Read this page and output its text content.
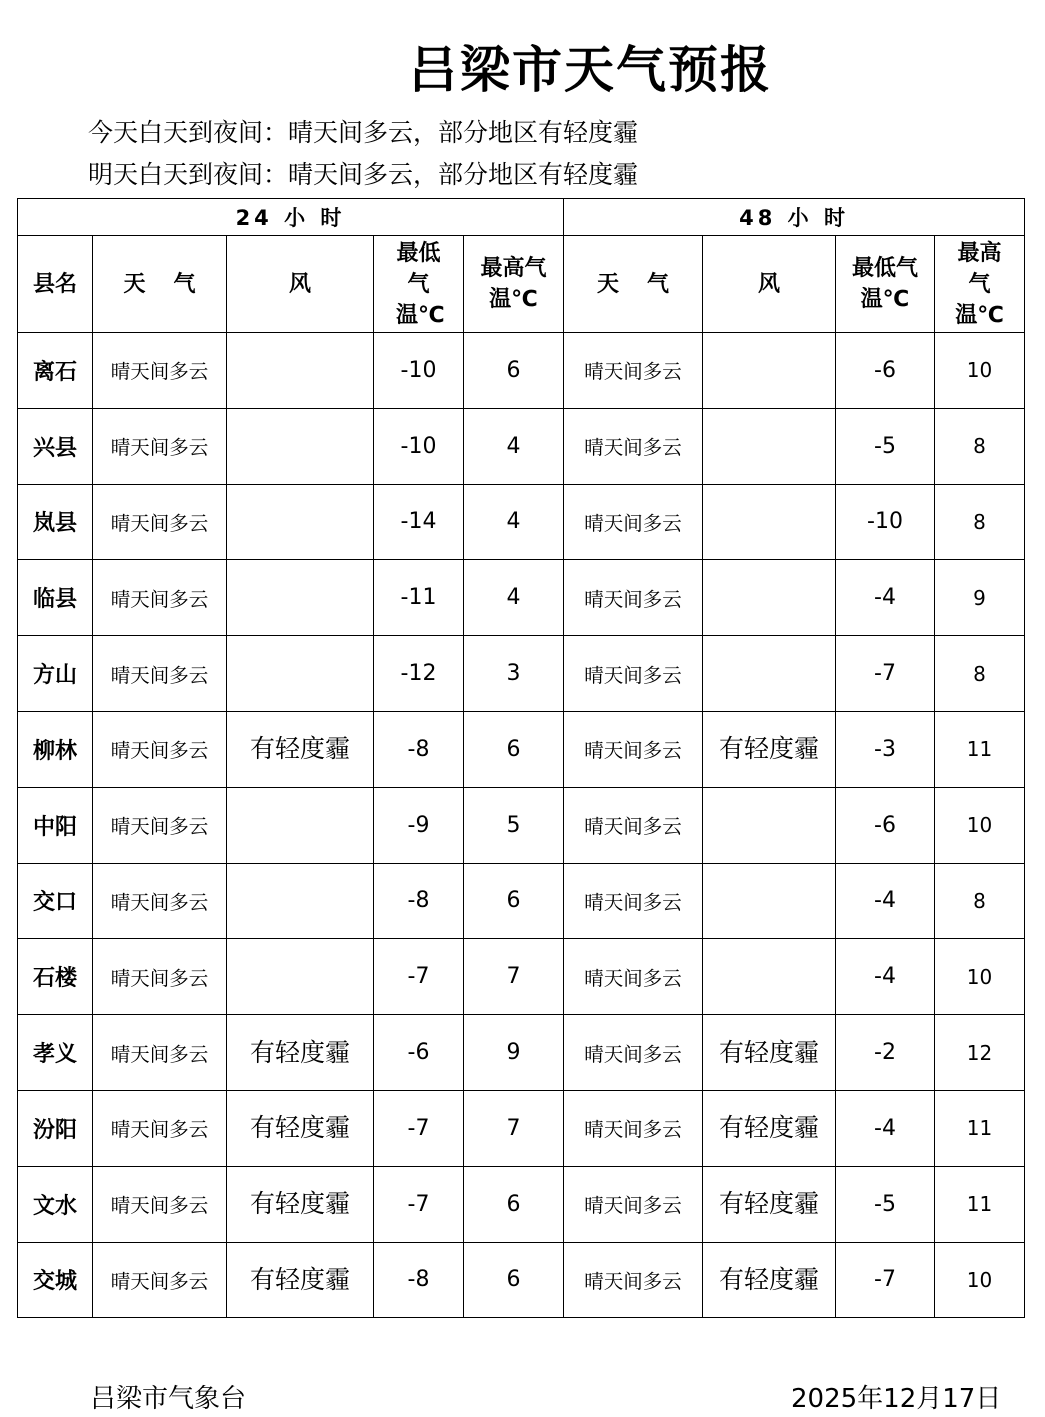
吕梁市天气预报
今天白天到夜间：晴天间多云，部分地区有轻度霾
明天白天到夜间：晴天间多云，部分地区有轻度霾
24 小 时					48 小 时			
县名	天气	风	最低气温℃	最高气温℃	天气	风	最低气温℃	最高气温℃
离石	晴天间多云		-10	6	晴天间多云		-6	10
兴县	晴天间多云		-10	4	晴天间多云		-5	8
岚县	晴天间多云		-14	4	晴天间多云		-10	8
临县	晴天间多云		-11	4	晴天间多云		-4	9
方山	晴天间多云		-12	3	晴天间多云		-7	8
柳林	晴天间多云	有轻度霾	-8	6	晴天间多云	有轻度霾	-3	11
中阳	晴天间多云		-9	5	晴天间多云		-6	10
交口	晴天间多云		-8	6	晴天间多云		-4	8
石楼	晴天间多云		-7	7	晴天间多云		-4	10
孝义	晴天间多云	有轻度霾	-6	9	晴天间多云	有轻度霾	-2	12
汾阳	晴天间多云	有轻度霾	-7	7	晴天间多云	有轻度霾	-4	11
文水	晴天间多云	有轻度霾	-7	6	晴天间多云	有轻度霾	-5	11
交城	晴天间多云	有轻度霾	-8	6	晴天间多云	有轻度霾	-7	10
吕梁市气象台	2025年12月17日
